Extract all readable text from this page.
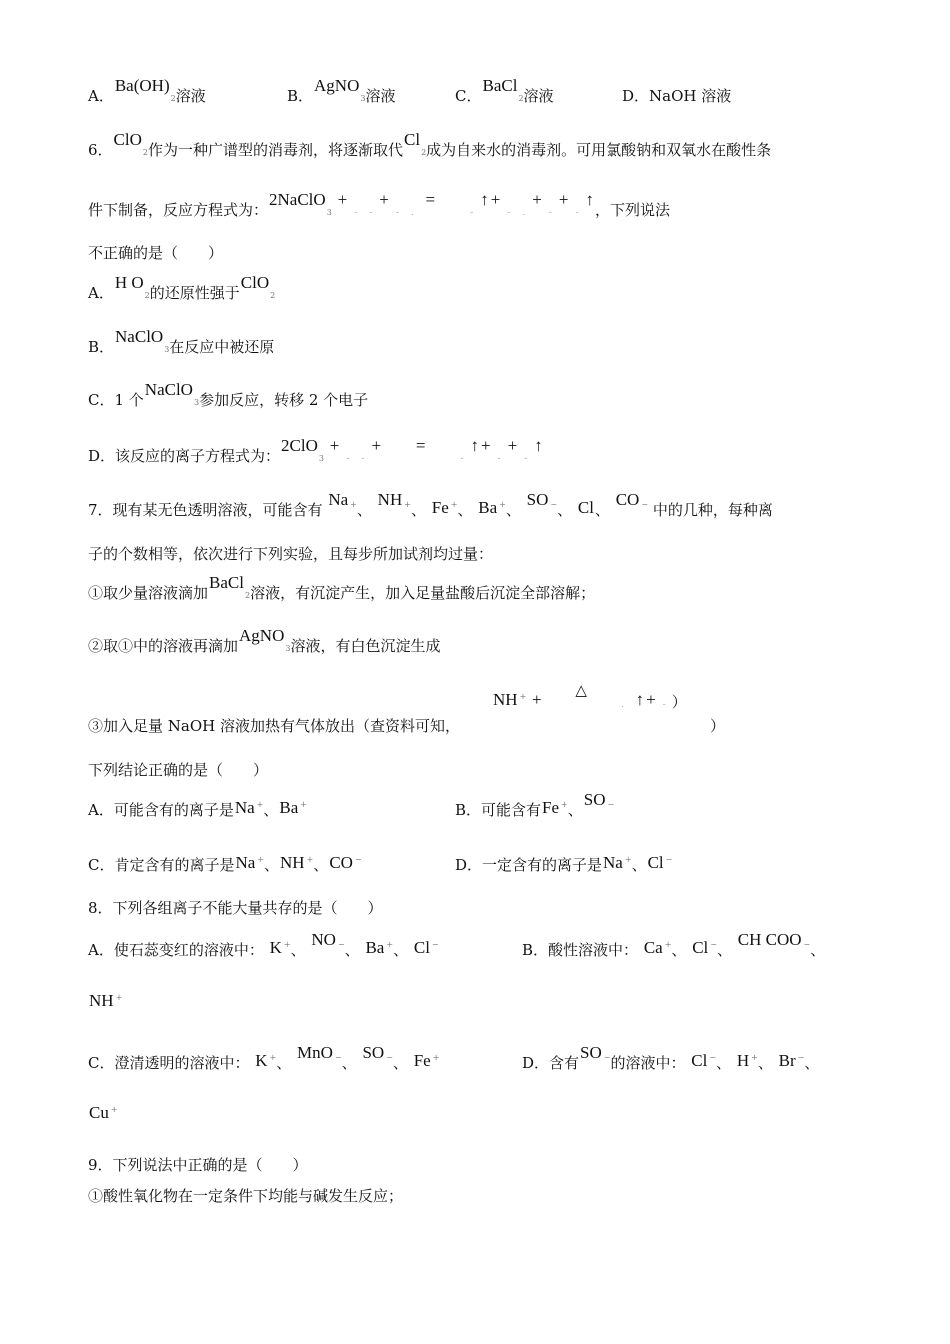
A．Ba(OH)2溶液	B．AgNO3溶液	C．BaCl2溶液	D．NaOH 溶液
6．ClO2作为一种广谱型的消毒剂，将逐渐取代Cl2成为自来水的消毒剂。可用氯酸钠和双氧水在酸性条
件下制备，反应方程式为：2NaClO3 +- -+- . =-↑ +- .+-+-↑，下列说法
不正确的是（　　）
A．H O2的还原性强于ClO2
B．NaClO3在反应中被还原
C．1 个NaClO3参加反应，转移 2 个电子
D．该反应的离子方程式为：2ClO3 +- -+ =-↑ +-+-↑
7．现有某无色透明溶液，可能含有 Na +、 NH +、 Fe +、 Ba +、 SO −、 Cl、 CO − 中的几种，每种离
子的个数相等，依次进行下列实验，且每步所加试剂均过量：
①取少量溶液滴加BaCl2溶液，有沉淀产生，加入足量盐酸后沉淀全部溶解；
②取①中的溶液再滴加AgNO3溶液，有白色沉淀生成
③加入足量 NaOH 溶液加热有气体放出（查资料可知，
NH + + △. ↑ + - ）
）
下列结论正确的是（　　）
A．可能含有的离子是Na +、Ba +	B．可能含有Fe +、SO −
C．肯定含有的离子是Na +、NH +、CO −	D．一定含有的离子是Na +、Cl −
8．下列各组离子不能大量共存的是（　　）
A．使石蕊变红的溶液中： K +、 NO −、 Ba +、 Cl −	B．酸性溶液中： Ca +、 Cl −、 CH COO −、
NH +
C．澄清透明的溶液中： K +、 MnO −、 SO −、 Fe +	D．含有SO −的溶液中： Cl −、 H +、 Br −、
Cu +
9．下列说法中正确的是（　　）
①酸性氧化物在一定条件下均能与碱发生反应；
